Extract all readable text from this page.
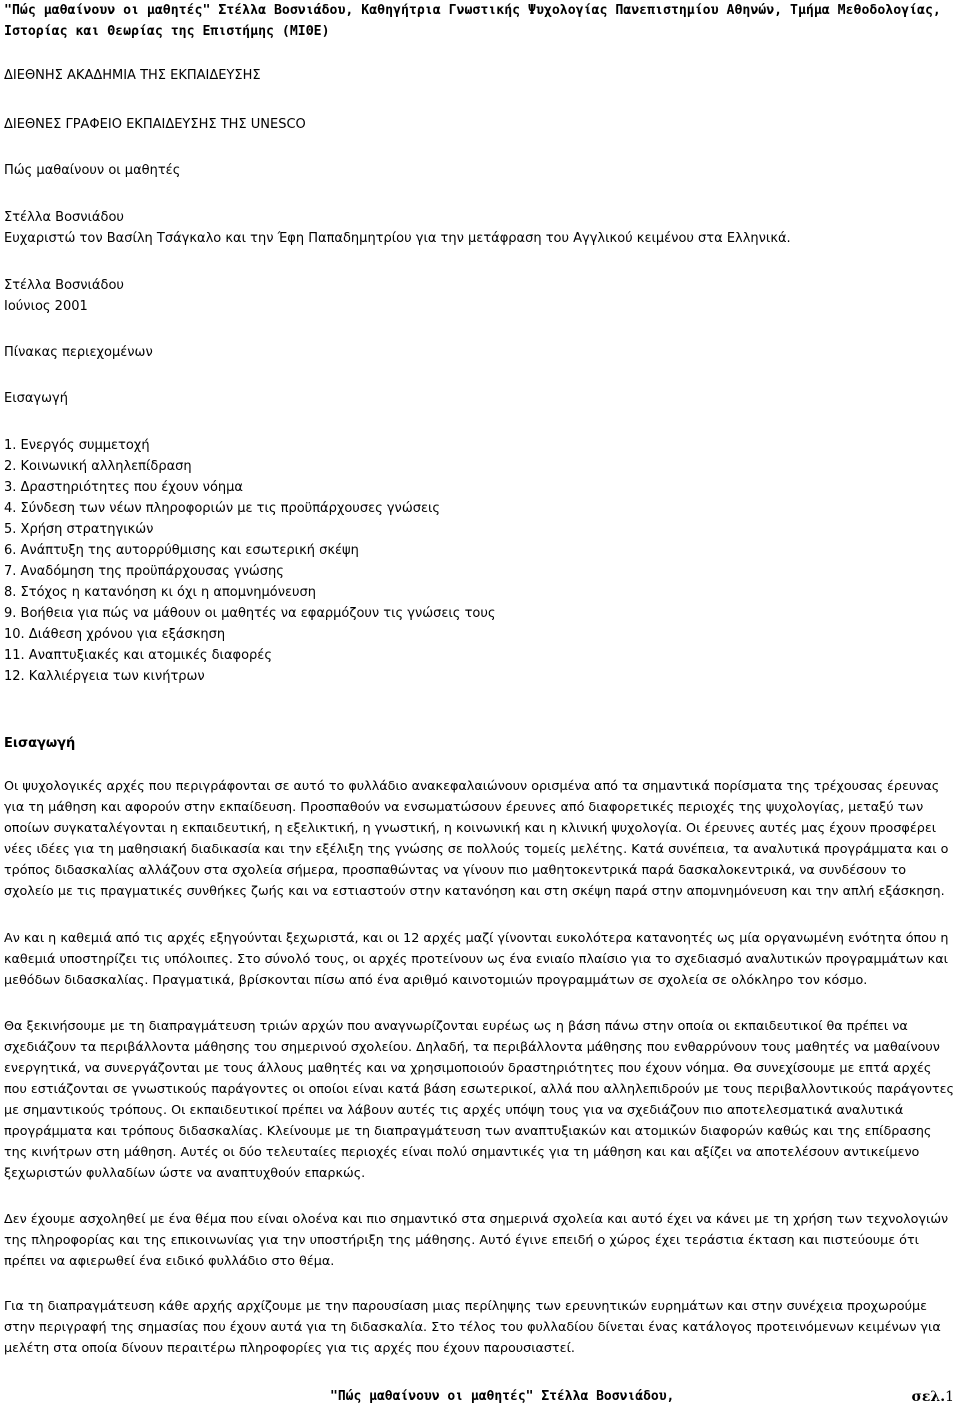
"Πώς μαθαίνουν οι μαθητές" Στέλλα Βοσνιάδου, Καθηγήτρια Γνωστικής Ψυχολογίας Πανεπιστημίου Αθηνών, Τμήμα Μεθοδολογίας,
Ιστορίας και Θεωρίας της Επιστήμης (ΜΙΘΕ)
ΔΙΕΘΝΗΣ ΑΚΑΔΗΜΙΑ ΤΗΣ ΕΚΠΑΙΔΕΥΣΗΣ
ΔΙΕΘΝΕΣ ΓΡΑΦΕΙΟ ΕΚΠΑΙΔΕΥΣΗΣ ΤΗΣ UNESCO
Πώς μαθαίνουν οι μαθητές
Στέλλα Βοσνιάδου
Ευχαριστώ τον Βασίλη Τσάγκαλο και την Έφη Παπαδημητρίου για την μετάφραση του Αγγλικού κειμένου στα Ελληνικά.
Στέλλα Βοσνιάδου
Ιούνιος 2001
Πίνακας περιεχομένων
Εισαγωγή
1. Ενεργός συμμετοχή
2. Κοινωνική αλληλεπίδραση
3. Δραστηριότητες που έχουν νόημα
4. Σύνδεση των νέων πληροφοριών με τις προϋπάρχουσες γνώσεις
5. Χρήση στρατηγικών
6. Ανάπτυξη της αυτορρύθμισης και εσωτερική σκέψη
7. Αναδόμηση της προϋπάρχουσας γνώσης
8. Στόχος η κατανόηση κι όχι η απομνημόνευση
9. Βοήθεια για πώς να μάθουν οι μαθητές να εφαρμόζουν τις γνώσεις τους
10. Διάθεση χρόνου για εξάσκηση
11. Αναπτυξιακές και ατομικές διαφορές
12. Καλλιέργεια των κινήτρων
Εισαγωγή

Οι ψυχολογικές αρχές που περιγράφονται σε αυτό το φυλλάδιο ανακεφαλαιώνουν ορισμένα από τα σημαντικά πορίσματα της τρέχουσας έρευνας για τη μάθηση και αφορούν στην εκπαίδευση. Προσπαθούν να ενσωματώσουν έρευνες από διαφορετικές περιοχές της ψυχολογίας, μεταξύ των οποίων συγκαταλέγονται η εκπαιδευτική, η εξελικτική, η γνωστική, η κοινωνική και η κλινική ψυχολογία. Οι έρευνες αυτές μας έχουν προσφέρει νέες ιδέες για τη μαθησιακή διαδικασία και την εξέλιξη της γνώσης σε πολλούς τομείς μελέτης. Κατά συνέπεια, τα αναλυτικά προγράμματα και ο τρόπος διδασκαλίας αλλάζουν στα σχολεία σήμερα, προσπαθώντας να γίνουν πιο μαθητοκεντρικά παρά δασκαλοκεντρικά, να συνδέσουν το σχολείο με τις πραγματικές συνθήκες ζωής και να εστιαστούν στην κατανόηση και στη σκέψη παρά στην απομνημόνευση και την απλή εξάσκηση.

Αν και η καθεμιά από τις αρχές εξηγούνται ξεχωριστά, και οι 12 αρχές μαζί γίνονται ευκολότερα κατανοητές ως μία οργανωμένη ενότητα όπου η καθεμιά υποστηρίζει τις υπόλοιπες. Στο σύνολό τους, οι αρχές προτείνουν ως ένα ενιαίο πλαίσιο για το σχεδιασμό αναλυτικών προγραμμάτων και μεθόδων διδασκαλίας. Πραγματικά, βρίσκονται πίσω από ένα αριθμό καινοτομιών προγραμμάτων σε σχολεία σε ολόκληρο τον κόσμο.

Θα ξεκινήσουμε με τη διαπραγμάτευση τριών αρχών που αναγνωρίζονται ευρέως ως η βάση πάνω στην οποία οι εκπαιδευτικοί θα πρέπει να σχεδιάζουν τα περιβάλλοντα μάθησης του σημερινού σχολείου. Δηλαδή, τα περιβάλλοντα μάθησης που ενθαρρύνουν τους μαθητές να μαθαίνουν ενεργητικά, να συνεργάζονται με τους άλλους μαθητές και να χρησιμοποιούν δραστηριότητες που έχουν νόημα. Θα συνεχίσουμε με επτά αρχές που εστιάζονται σε γνωστικούς παράγοντες οι οποίοι είναι κατά βάση εσωτερικοί, αλλά που αλληλεπιδρούν με τους περιβαλλοντικούς παράγοντες με σημαντικούς τρόπους. Οι εκπαιδευτικοί πρέπει να λάβουν αυτές τις αρχές υπόψη τους για να σχεδιάζουν πιο αποτελεσματικά αναλυτικά προγράμματα και τρόπους διδασκαλίας. Κλείνουμε με τη διαπραγμάτευση των αναπτυξιακών και ατομικών διαφορών καθώς και της επίδρασης της κινήτρων στη μάθηση. Αυτές οι δύο τελευταίες περιοχές είναι πολύ σημαντικές για τη μάθηση και και αξίζει να αποτελέσουν αντικείμενο ξεχωριστών φυλλαδίων ώστε να αναπτυχθούν επαρκώς.

Δεν έχουμε ασχοληθεί με ένα θέμα που είναι ολοένα και πιο σημαντικό στα σημερινά σχολεία και αυτό έχει να κάνει με τη χρήση των τεχνολογιών της πληροφορίας και της επικοινωνίας για την υποστήριξη της μάθησης. Αυτό έγινε επειδή ο χώρος έχει τεράστια έκταση και πιστεύουμε ότι πρέπει να αφιερωθεί ένα ειδικό φυλλάδιο στο θέμα.

Για τη διαπραγμάτευση κάθε αρχής αρχίζουμε με την παρουσίαση μιας περίληψης των ερευνητικών ευρημάτων και στην συνέχεια προχωρούμε στην περιγραφή της σημασίας που έχουν αυτά για τη διδασκαλία. Στο τέλος του φυλλαδίου δίνεται ένας κατάλογος προτεινόμενων κειμένων για μελέτη στα οποία δίνουν περαιτέρω πληροφορίες για τις αρχές που έχουν παρουσιαστεί.

"Πώς μαθαίνουν οι μαθητές" Στέλλα Βοσνιάδου,	σελ.1
